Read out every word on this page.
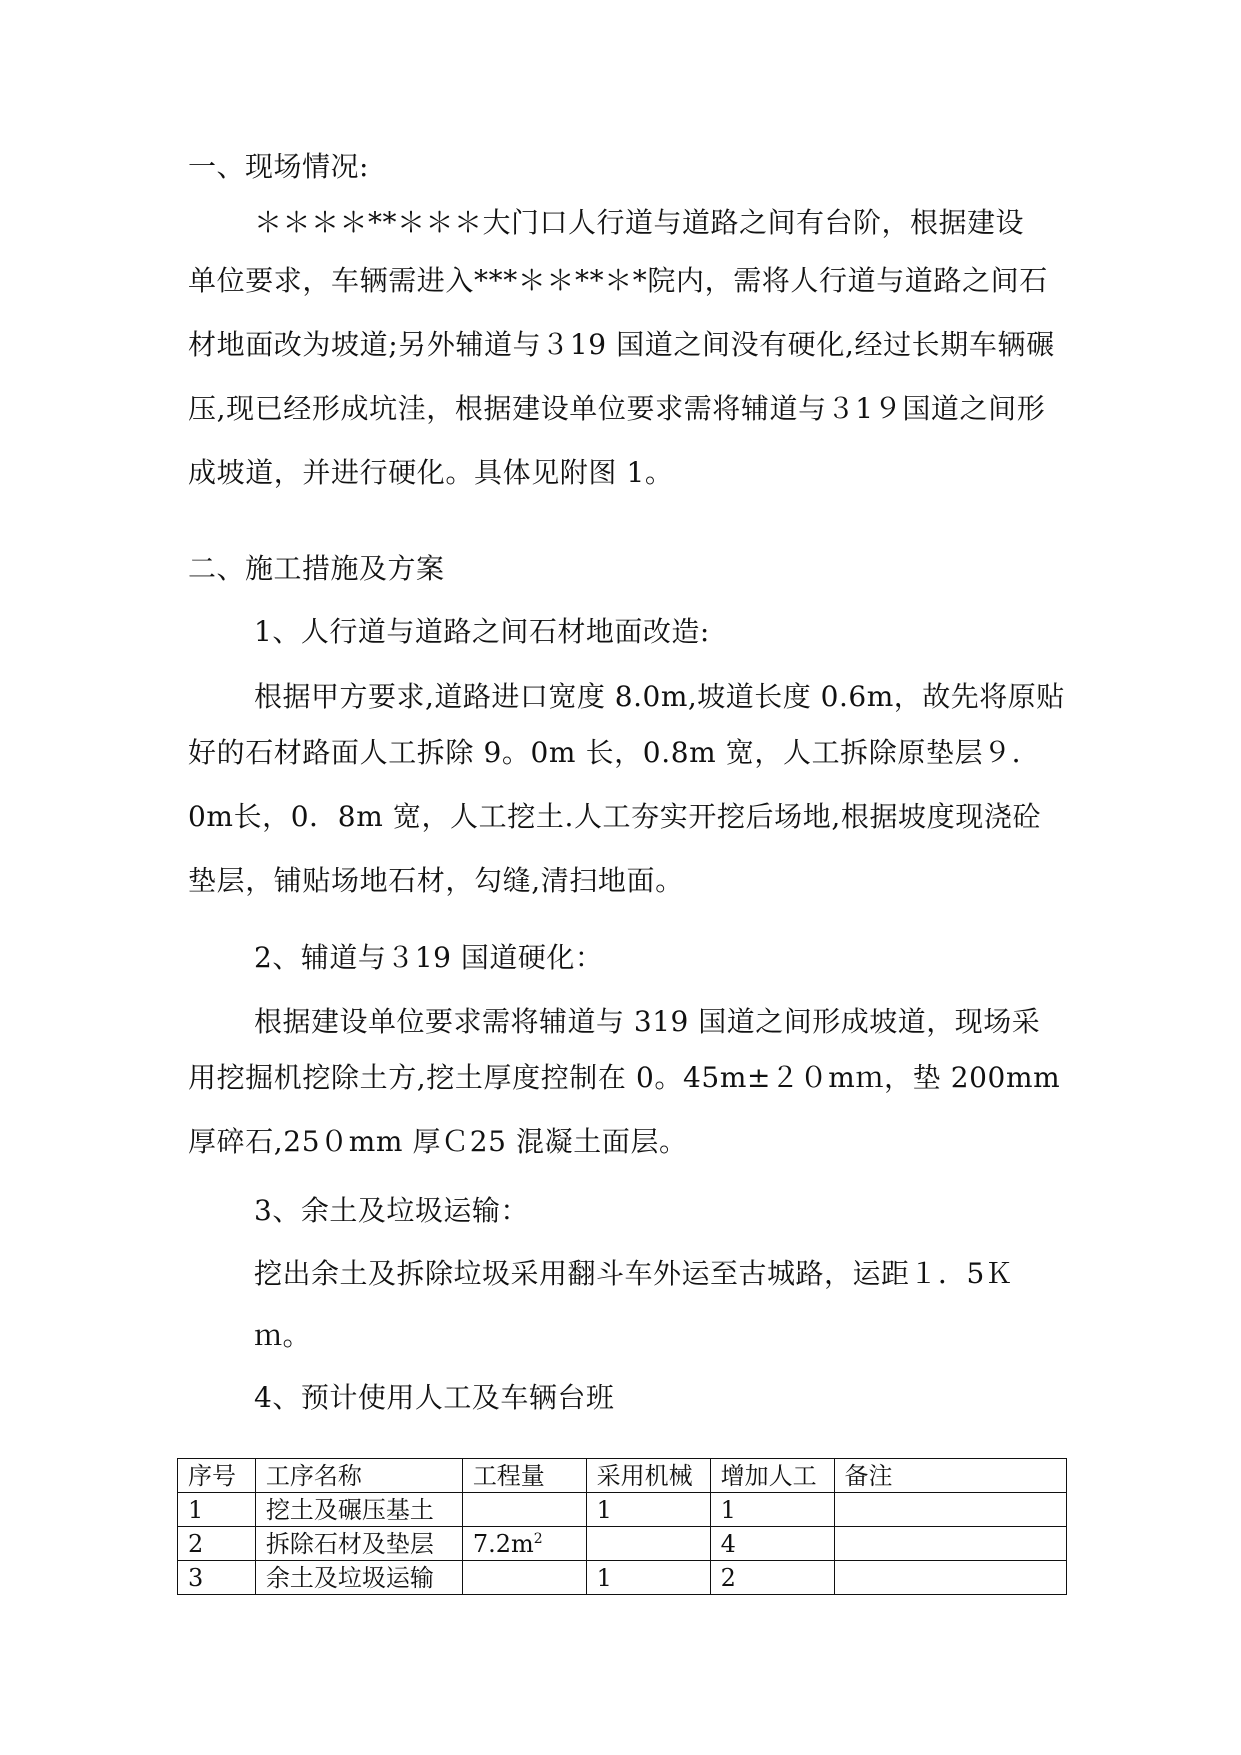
一、现场情况:
＊＊＊＊**＊＊＊大门口人行道与道路之间有台阶，根据建设
单位要求，车辆需进入***＊＊**＊*院内，需将人行道与道路之间石材地面改为坡道;另外辅道与３19 国道之间没有硬化,经过长期车辆碾压,现已经形成坑洼，根据建设单位要求需将辅道与３1９国道之间形成坡道，并进行硬化。具体见附图 1。
二、施工措施及方案
1、人行道与道路之间石材地面改造:
根据甲方要求,道路进口宽度 8.0m,坡道长度 0.6m，故先将原贴
好的石材路面人工拆除 9。0m 长，0.8m 宽，人工拆除原垫层９．0m长，0．8m 宽，人工挖土.人工夯实开挖后场地,根据坡度现浇砼垫层，铺贴场地石材，勾缝,清扫地面。
2、辅道与３19 国道硬化：
根据建设单位要求需将辅道与 319 国道之间形成坡道，现场采
用挖掘机挖除土方,挖土厚度控制在 0。45m±２０mｍ，垫 200mm 厚碎石,25０mm 厚Ｃ25 混凝土面层。
3、余土及垃圾运输：
挖出余土及拆除垃圾采用翻斗车外运至古城路，运距１．5Ｋ
ｍ。
4、预计使用人工及车辆台班
序号	工序名称	工程量	采用机械	增加人工	备注
1	挖土及碾压基土		1	1	
2	拆除石材及垫层	$7.2m^2$		4	
3	余土及垃圾运输		1	2	
